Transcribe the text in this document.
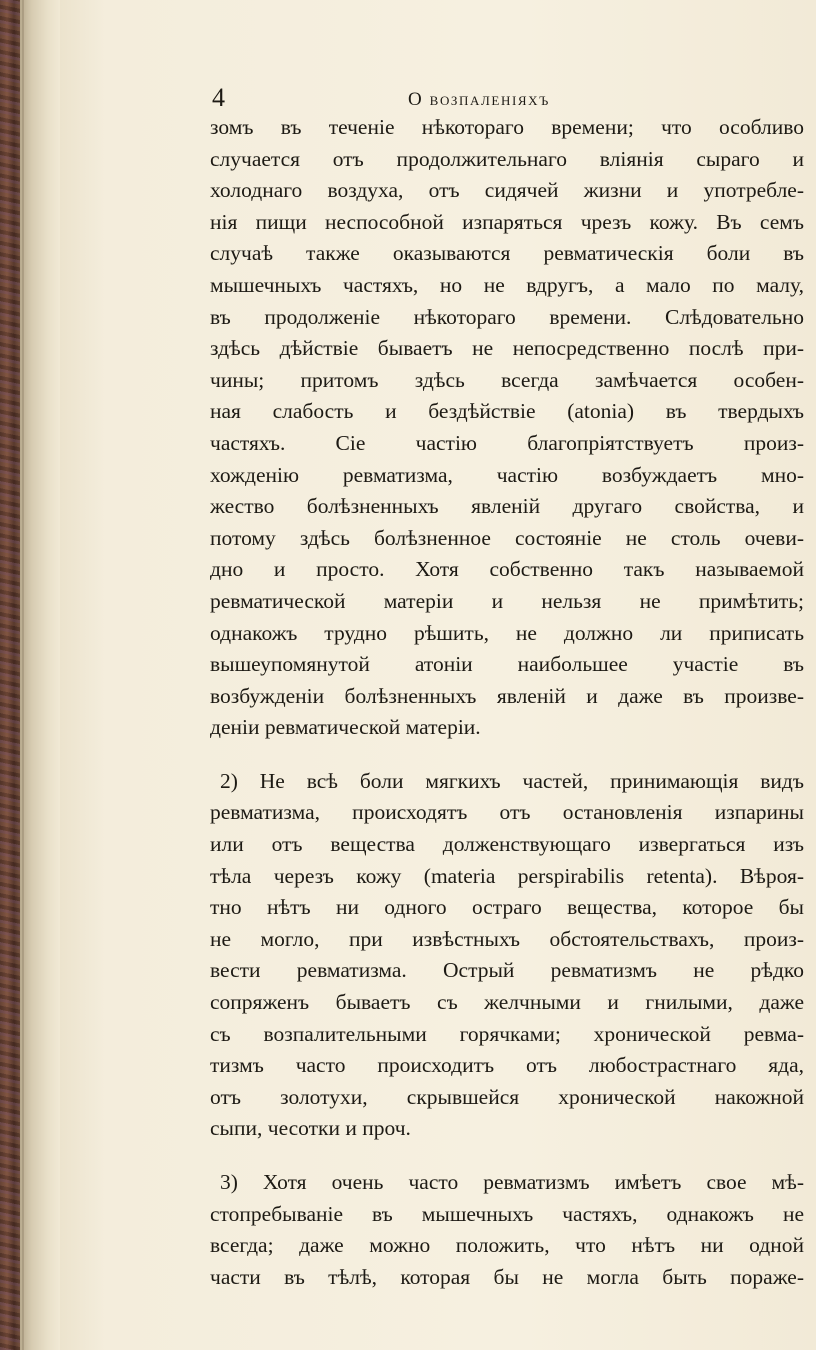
4	О возпаленіяхъ
зомъ въ теченіе нѣкотораго времени; что особливо
случается отъ продолжительнаго вліянія сыраго и
холоднаго воздуха, отъ сидячей жизни и употребле-
нія пищи неспособной изпаряться чрезъ кожу. Въ семъ
случаѣ также оказываются ревматическія боли въ
мышечныхъ частяхъ, но не вдругъ, а мало по малу,
въ продолженіе нѣкотораго времени. Слѣдовательно
здѣсь дѣйствіе бываетъ не непосредственно послѣ при-
чины; притомъ здѣсь всегда замѣчается особен-
ная слабость и бездѣйствіе (atonia) въ твердыхъ
частяхъ. Сіе частію благопріятствуетъ произ-
хожденію ревматизма, частію возбуждаетъ мно-
жество болѣзненныхъ явленій другаго свойства, и
потому здѣсь болѣзненное состояніе не столь очеви-
дно и просто. Хотя собственно такъ называемой
ревматической матеріи и нельзя не примѣтить;
однакожъ трудно рѣшить, не должно ли приписать
вышеупомянутой атоніи наибольшее участіе въ
возбужденіи болѣзненныхъ явленій и даже въ произве-
деніи ревматической матеріи.
2) Не всѣ боли мягкихъ частей, принимающія видъ
ревматизма, происходятъ отъ остановленія изпарины
или отъ вещества долженствующаго извергаться изъ
тѣла черезъ кожу (materia perspirabilis retenta). Вѣроя-
тно нѣтъ ни одного остраго вещества, которое бы
не могло, при извѣстныхъ обстоятельствахъ, произ-
вести ревматизма. Острый ревматизмъ не рѣдко
сопряженъ бываетъ съ желчными и гнилыми, даже
съ возпалительными горячками; хронической ревма-
тизмъ часто происходитъ отъ любострастнаго яда,
отъ золотухи, скрывшейся хронической накожной
сыпи, чесотки и проч.
3) Хотя очень часто ревматизмъ имѣетъ свое мѣ-
стопребываніе въ мышечныхъ частяхъ, однакожъ не
всегда; даже можно положить, что нѣтъ ни одной
части въ тѣлѣ, которая бы не могла быть пораже-
